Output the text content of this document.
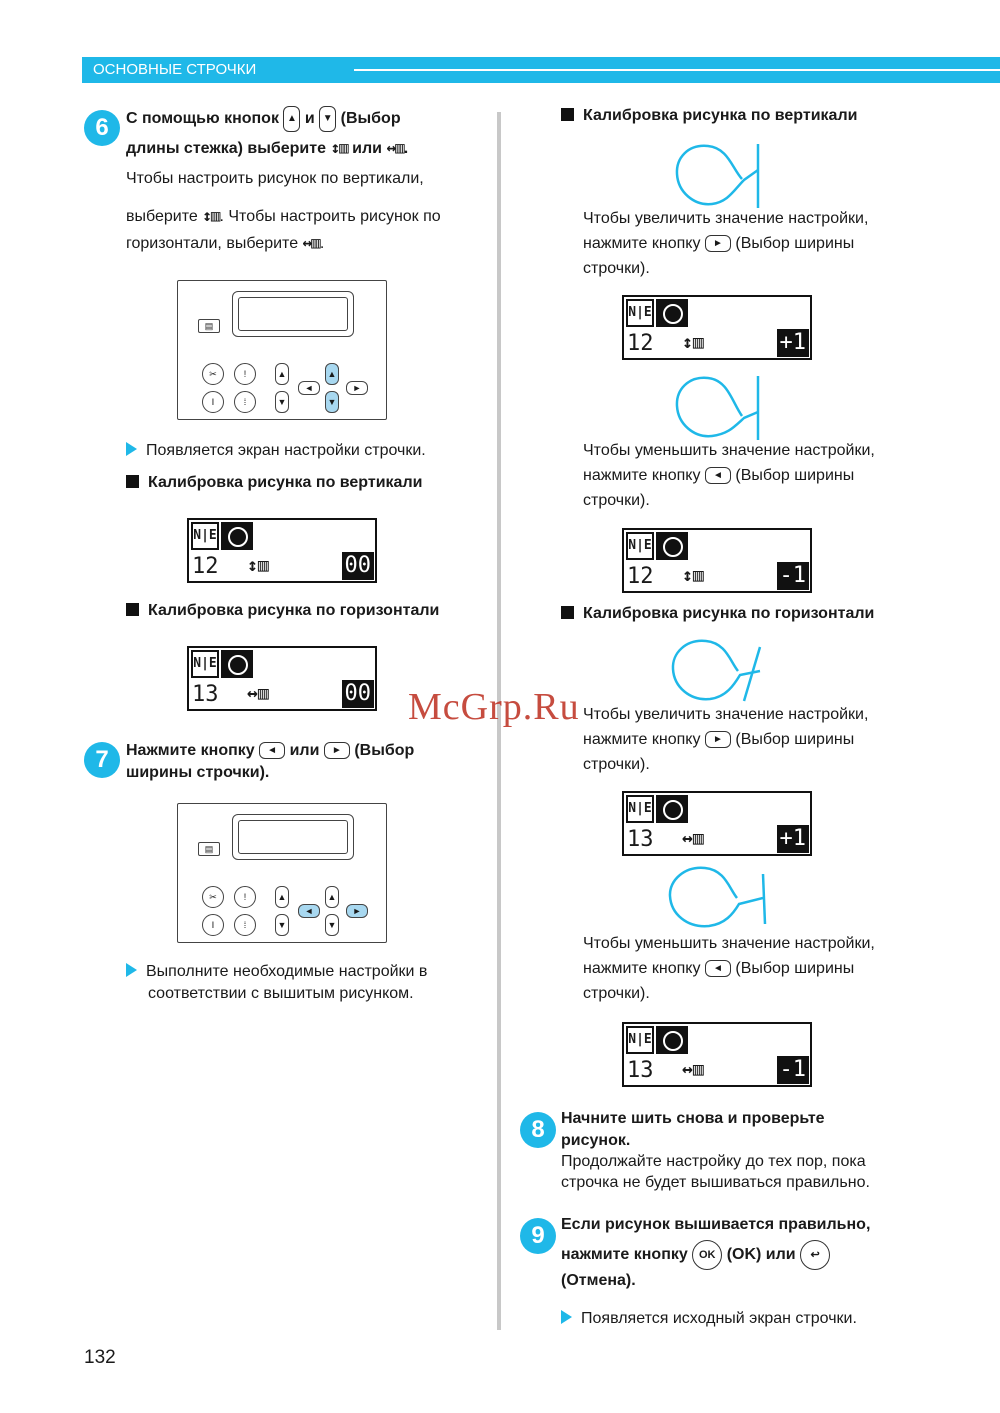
ОСНОВНЫЕ СТРОЧКИ
6	С помощью кнопок ▲ и ▼ (Выбор
длины стежка) выберите ↕▥ или ↔▥.
Чтобы настроить рисунок по вертикали,
выберите ↕▥. Чтобы настроить рисунок по
горизонтали, выберите ↔▥.
▤
✂	!
Ⅰ	⁞
▲
▼
◄
▲
▼
►
Появляется экран настройки строчки.
Калибровка рисунка по вертикали
N|E
12 ↕▥	00
Калибровка рисунка по горизонтали
N|E
13 ↔▥	00
7	Нажмите кнопку ◄ или ► (Выбор
ширины строчки).
▤
✂	!
Ⅰ	⁞
▲
▼
◄
▲
▼
►
Выполните необходимые настройки в
соответствии с вышитым рисунком.
132
Калибровка рисунка по вертикали
Чтобы увеличить значение настройки,
нажмите кнопку ► (Выбор ширины
строчки).
N|E
12 ↕▥	+1
Чтобы уменьшить значение настройки,
нажмите кнопку ◄ (Выбор ширины
строчки).
N|E
12 ↕▥	-1
Калибровка рисунка по горизонтали
Чтобы увеличить значение настройки,
нажмите кнопку ► (Выбор ширины
строчки).
N|E
13 ↔▥	+1
Чтобы уменьшить значение настройки,
нажмите кнопку ◄ (Выбор ширины
строчки).
N|E
13 ↔▥	-1
8	Начните шить снова и проверьте
рисунок.
Продолжайте настройку до тех пор, пока
строчка не будет вышиваться правильно.
9	Если рисунок вышивается правильно,
нажмите кнопку OK (OK) или ↩
(Отмена).
Появляется исходный экран строчки.
McGrp.Ru
